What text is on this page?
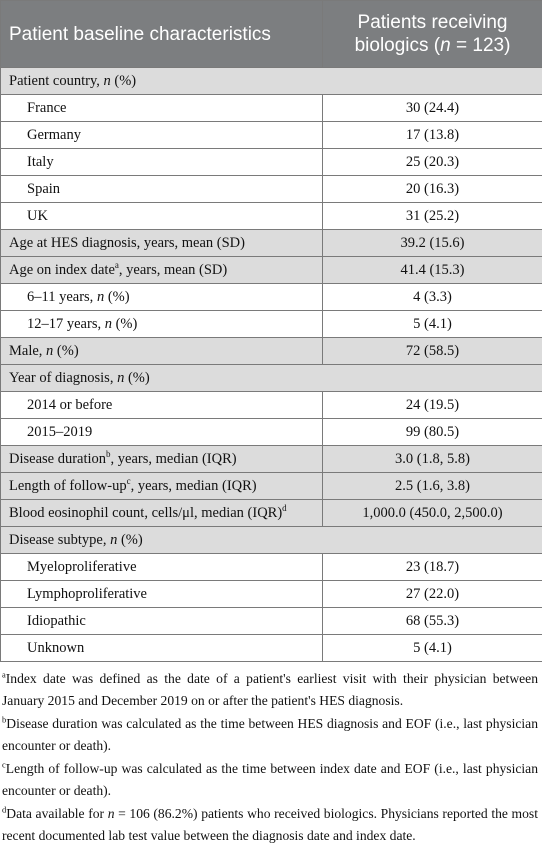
Patient baseline characteristics	Patients receiving
biologics (n = 123)
Patient country, n (%)	
France	30 (24.4)
Germany	17 (13.8)
Italy	25 (20.3)
Spain	20 (16.3)
UK	31 (25.2)
Age at HES diagnosis, years, mean (SD)	39.2 (15.6)
Age on index date$^a$, years, mean (SD)	41.4 (15.3)
6–11 years, n (%)	4 (3.3)
12–17 years, n (%)	5 (4.1)
Male, n (%)	72 (58.5)
Year of diagnosis, n (%)	
2014 or before	24 (19.5)
2015–2019	99 (80.5)
Disease duration$^b$, years, median (IQR)	3.0 (1.8, 5.8)
Length of follow-$up^c$, years, median (IQR)	2.5 (1.6, 3.8)
Blood eosinophil count, cells/μl, median (IQR)$^d$	1,000.0 (450.0, 2,500.0)
Disease subtype, n (%)	
Myeloproliferative	23 (18.7)
Lymphoproliferative	27 (22.0)
Idiopathic	68 (55.3)
Unknown	5 (4.1)

$^a$Index date was defined as the date of a patient's earliest visit with their physician between January 2015 and December 2019 on or after the patient's HES diagnosis.

$^b$Disease duration was calculated as the time between HES diagnosis and EOF (i.e., last physician encounter or death).

$^c$Length of follow-up was calculated as the time between index date and EOF (i.e., last physician encounter or death).

$^d$Data available for n = 106 (86.2%) patients who received biologics. Physicians reported the most recent documented lab test value between the diagnosis date and index date.
